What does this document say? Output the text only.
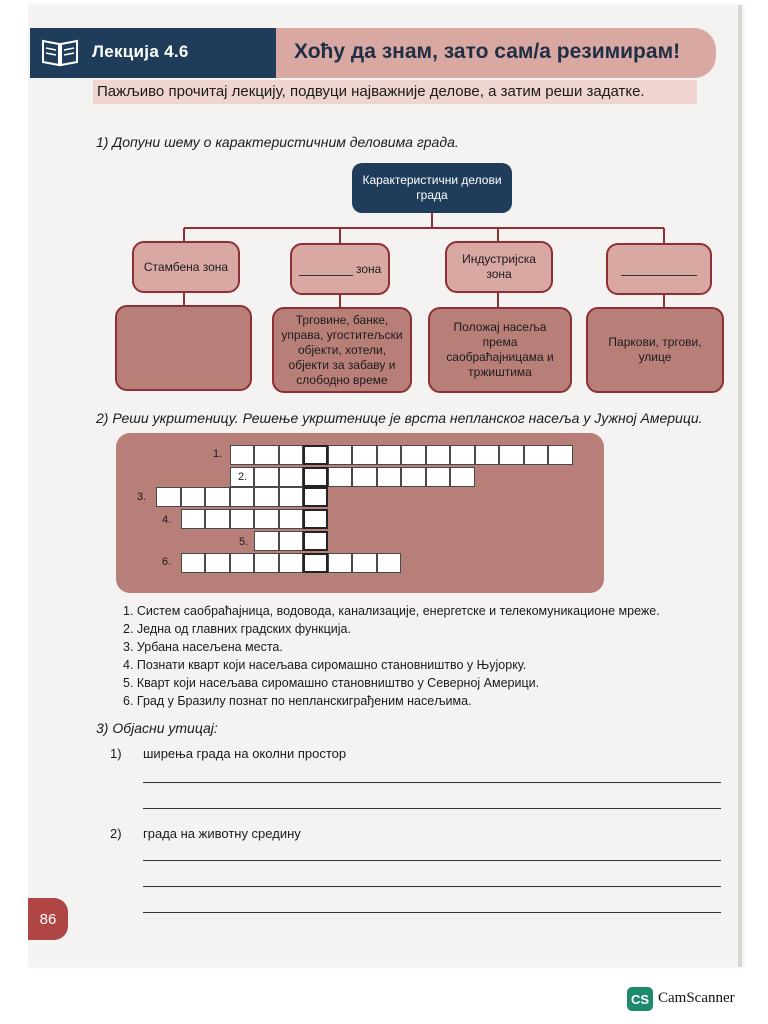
Лекција 4.6	Хоћу да знам, зато сам/а резимирам!
Пажљиво прочитај лекцију, подвуци најважније делове, а затим реши задатке.
1) Допуни шему о карактеристичним деловима града.
Карактеристични делови града
Стамбена зона
	зона
Индустријска зона
Трговине, банке, управа, угоститељски објекти, хотели, објекти за забаву и слободно време
Положај насеља према саобраћајницама и тржиштима
Паркови, тргови, улице
2) Реши укрштеницу. Решење укрштенице је врста непланског насеља у Јужној Америци.
1.
2.
3.
4.
5.
6.
1. Систем саобраћајница, водовода, канализације, енергетске и телекомуникационе мреже.
2. Једна од главних градских функција.
3. Урбана насељена места.
4. Познати кварт који насељава сиромашно становништво у Њујорку.
5. Кварт који насељава сиромашно становништво у Северној Америци.
6. Град у Бразилу познат по непланскиграђеним насељима.
3) Објасни утицај:
1) ширења града на околни простор
2) града на животну средину
86
CS CamScanner
